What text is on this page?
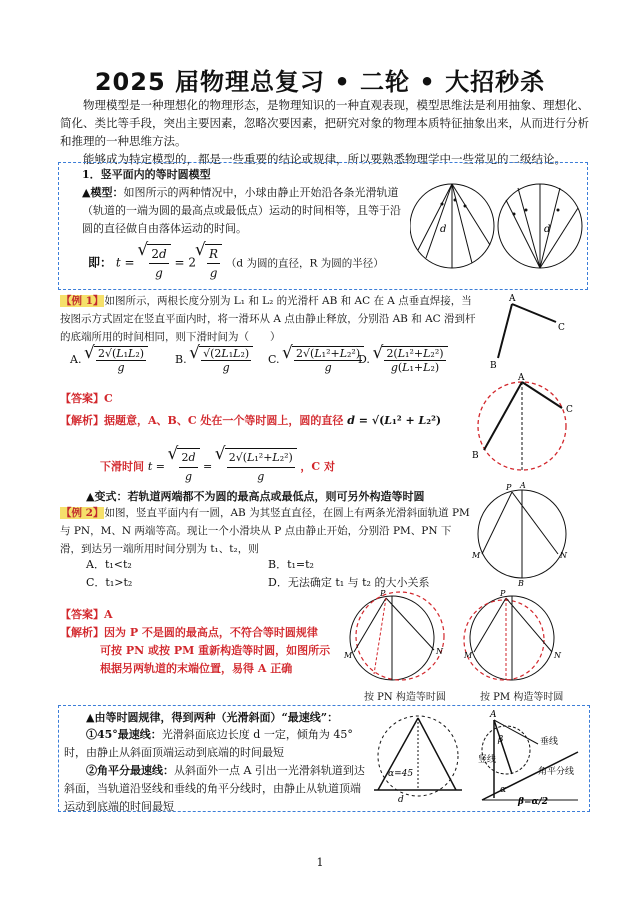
2025 届物理总复习 • 二轮 • 大招秒杀
物理模型是一种理想化的物理形态，是物理知识的一种直观表现，模型思维法是利用抽象、理想化、简化、类比等手段，突出主要因素，忽略次要因素，把研究对象的物理本质特征抽象出来，从而进行分析和推理的一种思维方法。
能够成为特定模型的，都是一些重要的结论或规律，所以要熟悉物理学中一些常见的二级结论。
1．竖平面内的等时圆模型
▲模型：如图所示的两种情况中，小球由静止开始沿各条光滑轨道（轨道的一端为圆的最高点或最低点）运动的时间相等，且等于沿圆的直径做自由落体运动的时间。
即： t = √ $\frac{2d}{g} = 2$ √ $\frac{R}{g} (d$ 为圆的直径，R 为圆的半径）
d	d
【例 1】如图所示，两根长度分别为 L₁ 和 L₂ 的光滑杆 AB 和 AC 在 A 点垂直焊接，当按图示方式固定在竖直平面内时，将一滑环从 A 点由静止释放，分别沿 AB 和 AC 滑到杆的底端所用的时间相同，则下滑时间为（　　）
A. √ $\frac{\text{2√(L₁L₂)}}{g}$	B. √ $\frac{\text{√(2L₁L₂)}}{g} C$. √ $\frac{\text{2√(L₁²+L₂²)}}{g}$
D. √ $\frac{\text{2(L₁²+L₂²)}}{\text{g(L₁+L₂)}}$
A
B
C
【答案】C
【解析】据题意，A、B、C 处在一个等时圆上，圆的直径 d = √(L₁² + L₂²)
下滑时间 t = √ $\frac{2d}{g}$ = √ $\frac{\text{2√(L₁²+L₂²)}}{g}$ ，C 对
A
B
C
▲变式：若轨道两端都不为圆的最高点或最低点，则可另外构造等时圆
【例 2】如图，竖直平面内有一圆，AB 为其竖直直径，在圆上有两条光滑斜面轨道 PM 与 PN，M、N 两端等高。现让一个小滑块从 P 点由静止开始，分别沿 PM、PN 下滑，到达另一端所用时间分别为 t₁、t₂，则
A．t₁<t₂	B．t₁=t₂
C．t₁>t₂	D．无法确定 t₁ 与 t₂ 的大小关系
P A
M	N
B
【答案】A
【解析】因为 P 不是圆的最高点，不符合等时圆规律
可按 PN 或按 PM 重新构造等时圆，如图所示
根据另两轨道的末端位置，易得 A 正确
P
M	N
P
M	N
按 PN 构造等时圆	按 PM 构造等时圆
▲由等时圆规律，得到两种（光滑斜面）“最速线”：
①45°最速线：光滑斜面底边长度 d 一定，倾角为 45°时，由静止从斜面顶端运动到底端的时间最短
②角平分最速线：从斜面外一点 A 引出一光滑斜轨道到达斜面，当轨道沿竖线和垂线的角平分线时，由静止从轨道顶端运动到底端的时间最短
α=45
d
A
β	垂线
竖线
角平分线
α
β=α/2
1
